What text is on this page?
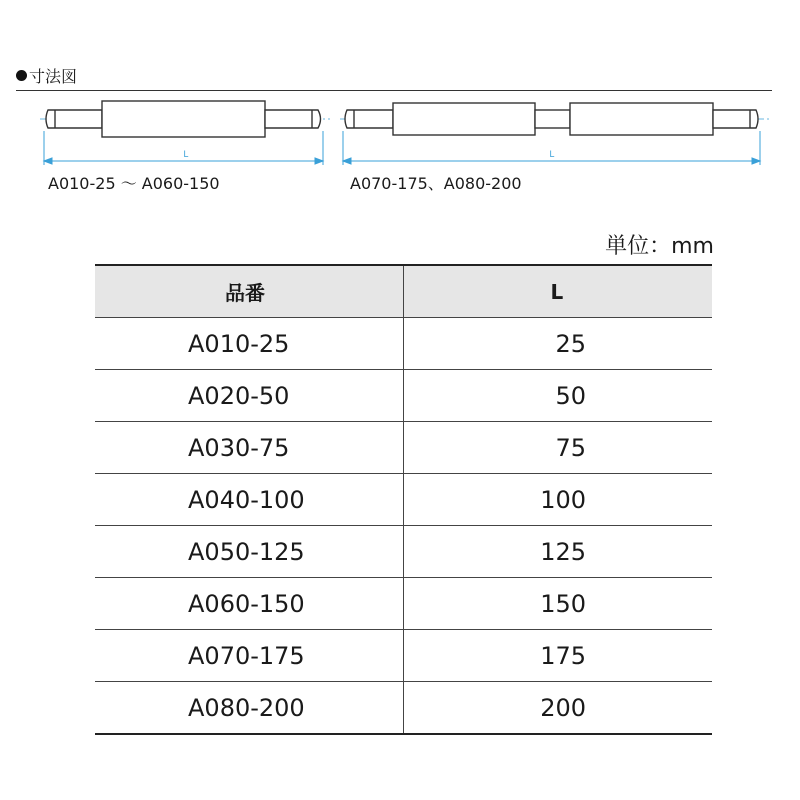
寸法図
L	L
A010-25 ～ A060-150	A070-175、A080-200
単位：mm
品番	L
A010-25	25
A020-50	50
A030-75	75
A040-100	100
A050-125	125
A060-150	150
A070-175	175
A080-200	200
